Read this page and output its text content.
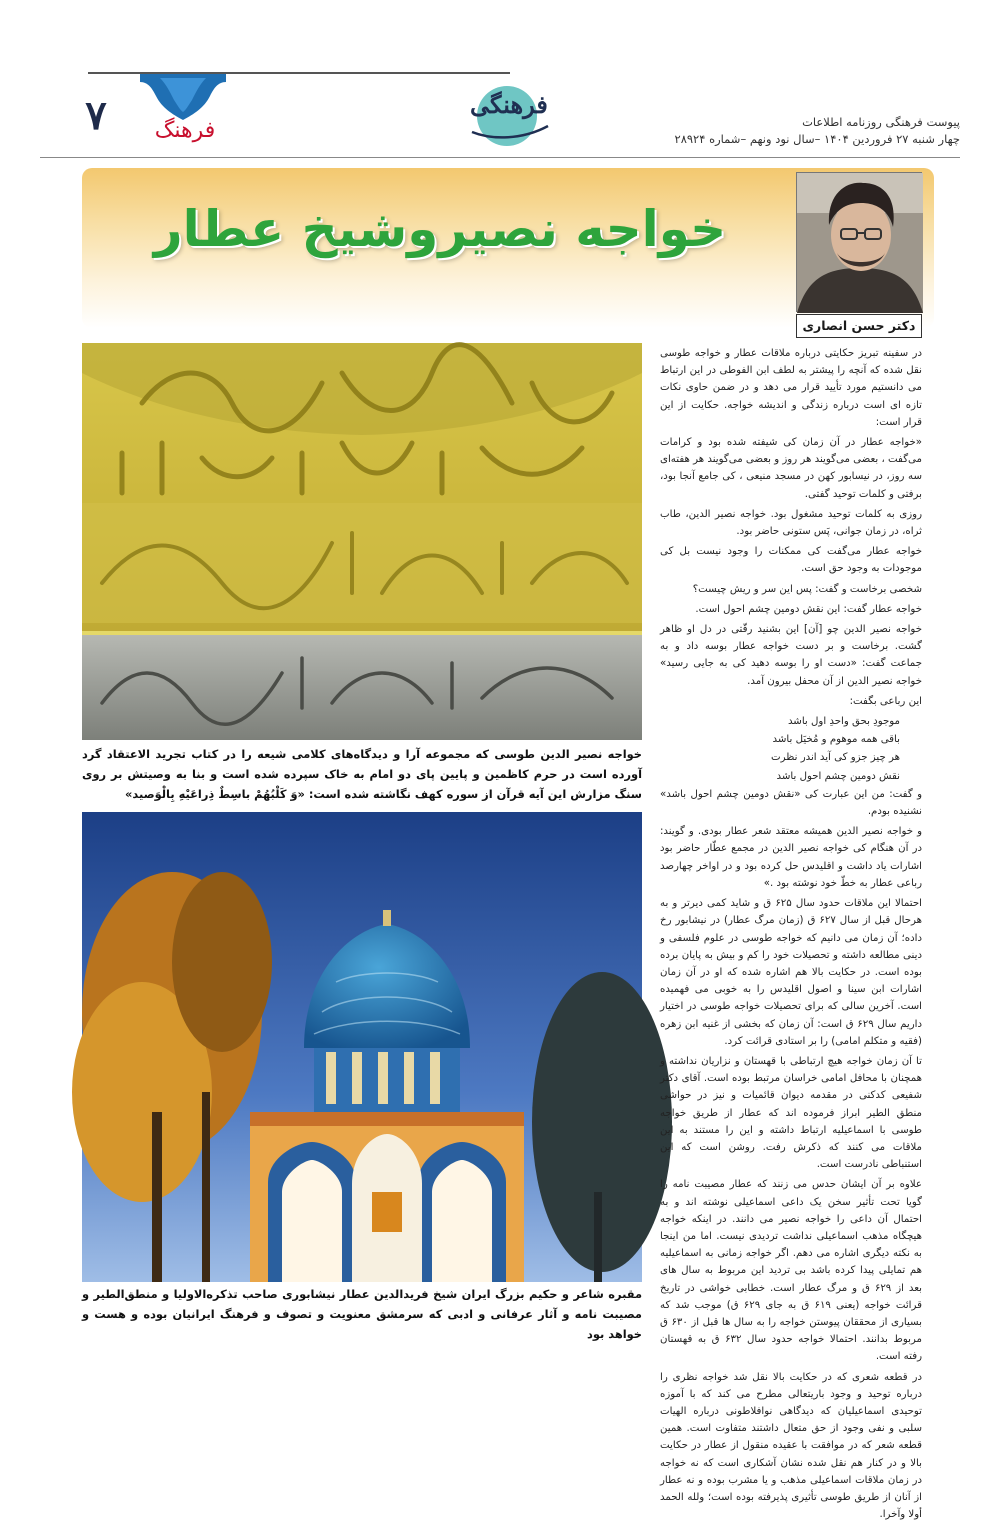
۷	فرهنگ
فرهنگی
پیوست فرهنگی روزنامه اطلاعات
چهار شنبه ۲۷ فروردین ۱۴۰۴ –سال نود ونهم –شماره ۲۸۹۲۴
خواجه نصیروشیخ عطار
دکتر حسن انصاری

خواجه نصیر الدین طوسی که مجموعه آرا و دیدگاه‌های کلامی شیعه را در کتاب تجرید الاعتقاد گرد آورده است در حرم کاظمین و پایین پای دو امام به خاک سپرده شده است و بنا به وصیتش بر روی سنگ مزارش این آیه قرآن از سوره کهف نگاشته شده است: «وَ کَلْبُهُمْ باسِطٌ ذِراعَیْهِ بِالْوَصید»

مقبره شاعر و حکیم بزرگ ایران شیخ فریدالدین عطار نیشابوری صاحب تذکره‌الاولیا و منطق‌الطیر و مصیبت نامه و آثار عرفانی و ادبی که سرمشق معنویت و تصوف و فرهنگ ایرانیان بوده و هست و خواهد بود

در سفینه تبریز حکایتی درباره ملاقات عطار و خواجه طوسی نقل شده که آنچه را پیشتر به لطف ابن الفوطی در این ارتباط می دانستیم مورد تأیید قرار می دهد و در ضمن حاوی نکات تازه ای است درباره زندگی و اندیشه خواجه. حکایت از این قرار است:

«خواجه عطار در آن زمان کی شیفته شده بود و کرامات می‌گفت ، بعضی می‌گویند هر روز و بعضی می‌گویند هر هفته‌ای سه روز، در نیسابور کهن در مسجد منیعی ، کی جامع آنجا بود، برفتی و کلمات توحید گفتی.

روزی به کلمات توحید مشغول بود. خواجه نصیر الدین، طاب ثراه، در زمان جوانی، پَس ستونی حاضر بود.

خواجه عطار می‌گفت کی ممکنات را وجود نیست بل کی موجودات به وجود حق است.

شخصی برخاست و گفت: پس این سر و ریش چیست؟

خواجه عطار گفت: این نقش دومین چشم احول است.

خواجه نصیر الدین چو [آن] این بشنید رقّتی در دل او ظاهر گشت. برخاست و بر دست خواجه عطار بوسه داد و به جماعت گفت: «دست او را بوسه دهید کی به جایی رسید» خواجه نصیر الدین از آن محفل بیرون آمد.

این رباعی بگفت:

موجودِ بحق واحدِ اول باشد

باقی همه موهوم و مُخیَل باشد

هر چیز جزو کی آید اندر نظرت

نقش دومین چشم احول باشد

و گفت: من این عبارت کی «نقش دومین چشم احول باشد» نشنیده بودم.

و خواجه نصیر الدین همیشه معتقد شعر عطار بودی. و گویند: در آن هنگام کی خواجه نصیر الدین در مجمع عطّار حاضر بود اشارات یاد داشت و اقلیدس حل کرده بود و در اواخر چهارصد رباعی عطار به خطّ خود نوشته بود .»

احتمالا این ملاقات حدود سال ۶۲۵ ق و شاید کمی دیرتر و به هرحال قبل از سال ۶۲۷ ق (زمان مرگ عطار) در نیشابور رخ داده؛ آن زمان می دانیم که خواجه طوسی در علوم فلسفی و دینی مطالعه داشته و تحصیلات خود را کم و بیش به پایان برده بوده است. در حکایت بالا هم اشاره شده که او در آن زمان اشارات ابن سینا و اصول اقلیدس را به خوبی می فهمیده است. آخرین سالی که برای تحصیلات خواجه طوسی در اختیار داریم سال ۶۲۹ ق است: آن زمان که بخشی از غنیه ابن زهره (فقیه و متکلم امامی) را بر استادی قرائت کرد.

تا آن زمان خواجه هیچ ارتباطی با قهستان و نزاریان نداشته و همچنان با محافل امامی خراسان مرتبط بوده است. آقای دکتر شفیعی کدکنی در مقدمه دیوان قائمیات و نیز در حواشی منطق الطیر ابراز فرموده اند که عطار از طریق خواجه طوسی با اسماعیلیه ارتباط داشته و این را مستند به این ملاقات می کنند که ذکرش رفت. روشن است که این استنباطی نادرست است.

علاوه بر آن ایشان حدس می زنند که عطار مصیبت نامه را گویا تحت تأثیر سخن یک داعی اسماعیلی نوشته اند و به احتمال آن داعی را خواجه نصیر می دانند. در اینکه خواجه هیچگاه مذهب اسماعیلی نداشت تردیدی نیست. اما من اینجا به نکته دیگری اشاره می دهم. اگر خواجه زمانی به اسماعیلیه هم تمایلی پیدا کرده باشد بی تردید این مربوط به سال های بعد از ۶۲۹ ق و مرگ عطار است. خطابی خواشی در تاریخ قرائت خواجه (یعنی ۶۱۹ ق به جای ۶۲۹ ق) موجب شد که بسیاری از محققان پیوستن خواجه را به سال ها قبل از ۶۳۰ ق مربوط بدانند. احتمالا خواجه حدود سال ۶۳۲ ق به قهستان رفته است.

در قطعه شعری که در حکایت بالا نقل شد خواجه نظری را درباره توحید و وجود باریتعالی مطرح می کند که با آموزه توحیدی اسماعیلیان که دیدگاهی نوافلاطونی درباره الهیات سلبی و نفی وجود از حق متعال داشتند متفاوت است. همین قطعه شعر که در موافقت با عقیده منقول از عطار در حکایت بالا و در کنار هم نقل شده نشان آشکاری است که نه خواجه در زمان ملاقات اسماعیلی مذهب و یا مشرب بوده و نه عطار از آنان از طریق طوسی تأثیری پذیرفته بوده است؛ ولله الحمد أولا وآخرا.
